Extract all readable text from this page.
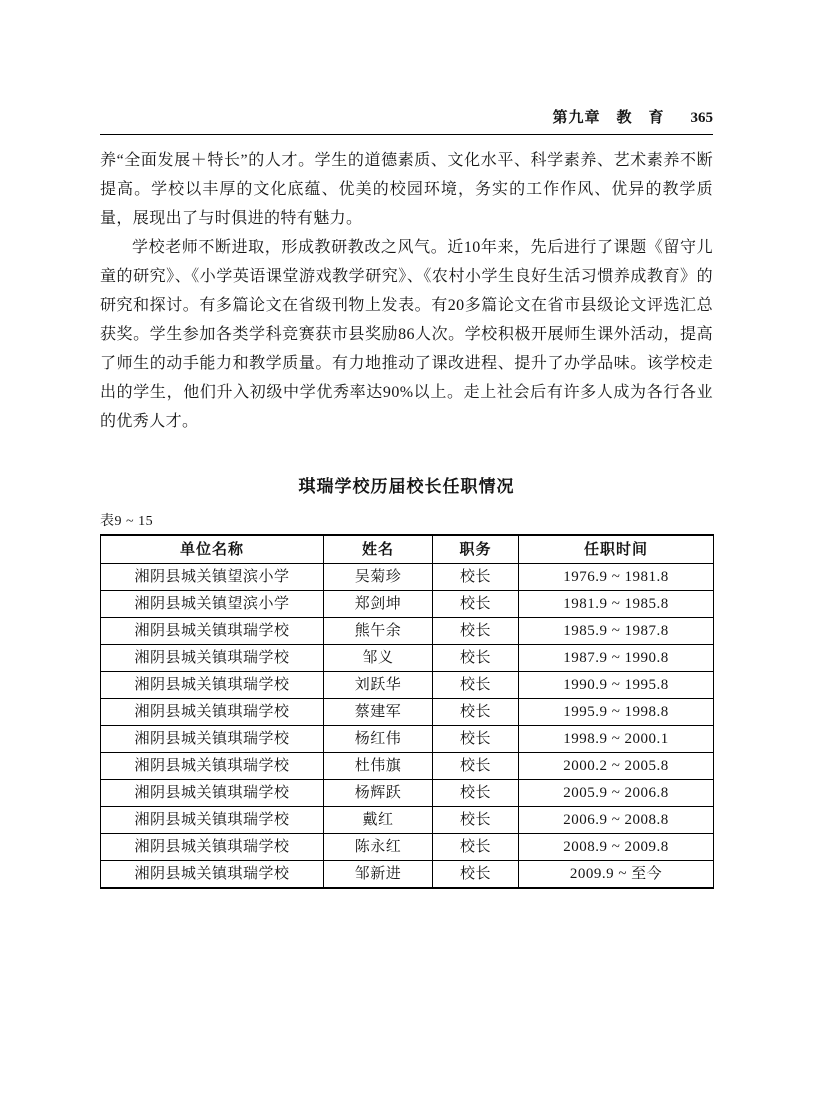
第九章　教　育 365

养“全面发展＋特长”的人才。学生的道德素质、文化水平、科学素养、艺术素养不断提高。学校以丰厚的文化底蕴、优美的校园环境，务实的工作作风、优异的教学质量，展现出了与时俱进的特有魅力。

学校老师不断进取，形成教研教改之风气。近10年来，先后进行了课题《留守儿童的研究》、《小学英语课堂游戏教学研究》、《农村小学生良好生活习惯养成教育》的研究和探讨。有多篇论文在省级刊物上发表。有20多篇论文在省市县级论文评选汇总获奖。学生参加各类学科竞赛获市县奖励86人次。学校积极开展师生课外活动，提高了师生的动手能力和教学质量。有力地推动了课改进程、提升了办学品味。该学校走出的学生，他们升入初级中学优秀率达90%以上。走上社会后有许多人成为各行各业的优秀人才。

琪瑞学校历届校长任职情况
表9 ~ 15
单位名称	姓名	职务	任职时间
湘阴县城关镇望滨小学	吴菊珍	校长	1976.9 ~ 1981.8
湘阴县城关镇望滨小学	郑剑坤	校长	1981.9 ~ 1985.8
湘阴县城关镇琪瑞学校	熊午余	校长	1985.9 ~ 1987.8
湘阴县城关镇琪瑞学校	邹义	校长	1987.9 ~ 1990.8
湘阴县城关镇琪瑞学校	刘跃华	校长	1990.9 ~ 1995.8
湘阴县城关镇琪瑞学校	蔡建军	校长	1995.9 ~ 1998.8
湘阴县城关镇琪瑞学校	杨红伟	校长	1998.9 ~ 2000.1
湘阴县城关镇琪瑞学校	杜伟旗	校长	2000.2 ~ 2005.8
湘阴县城关镇琪瑞学校	杨辉跃	校长	2005.9 ~ 2006.8
湘阴县城关镇琪瑞学校	戴红	校长	2006.9 ~ 2008.8
湘阴县城关镇琪瑞学校	陈永红	校长	2008.9 ~ 2009.8
湘阴县城关镇琪瑞学校	邹新进	校长	2009.9 ~ 至今
